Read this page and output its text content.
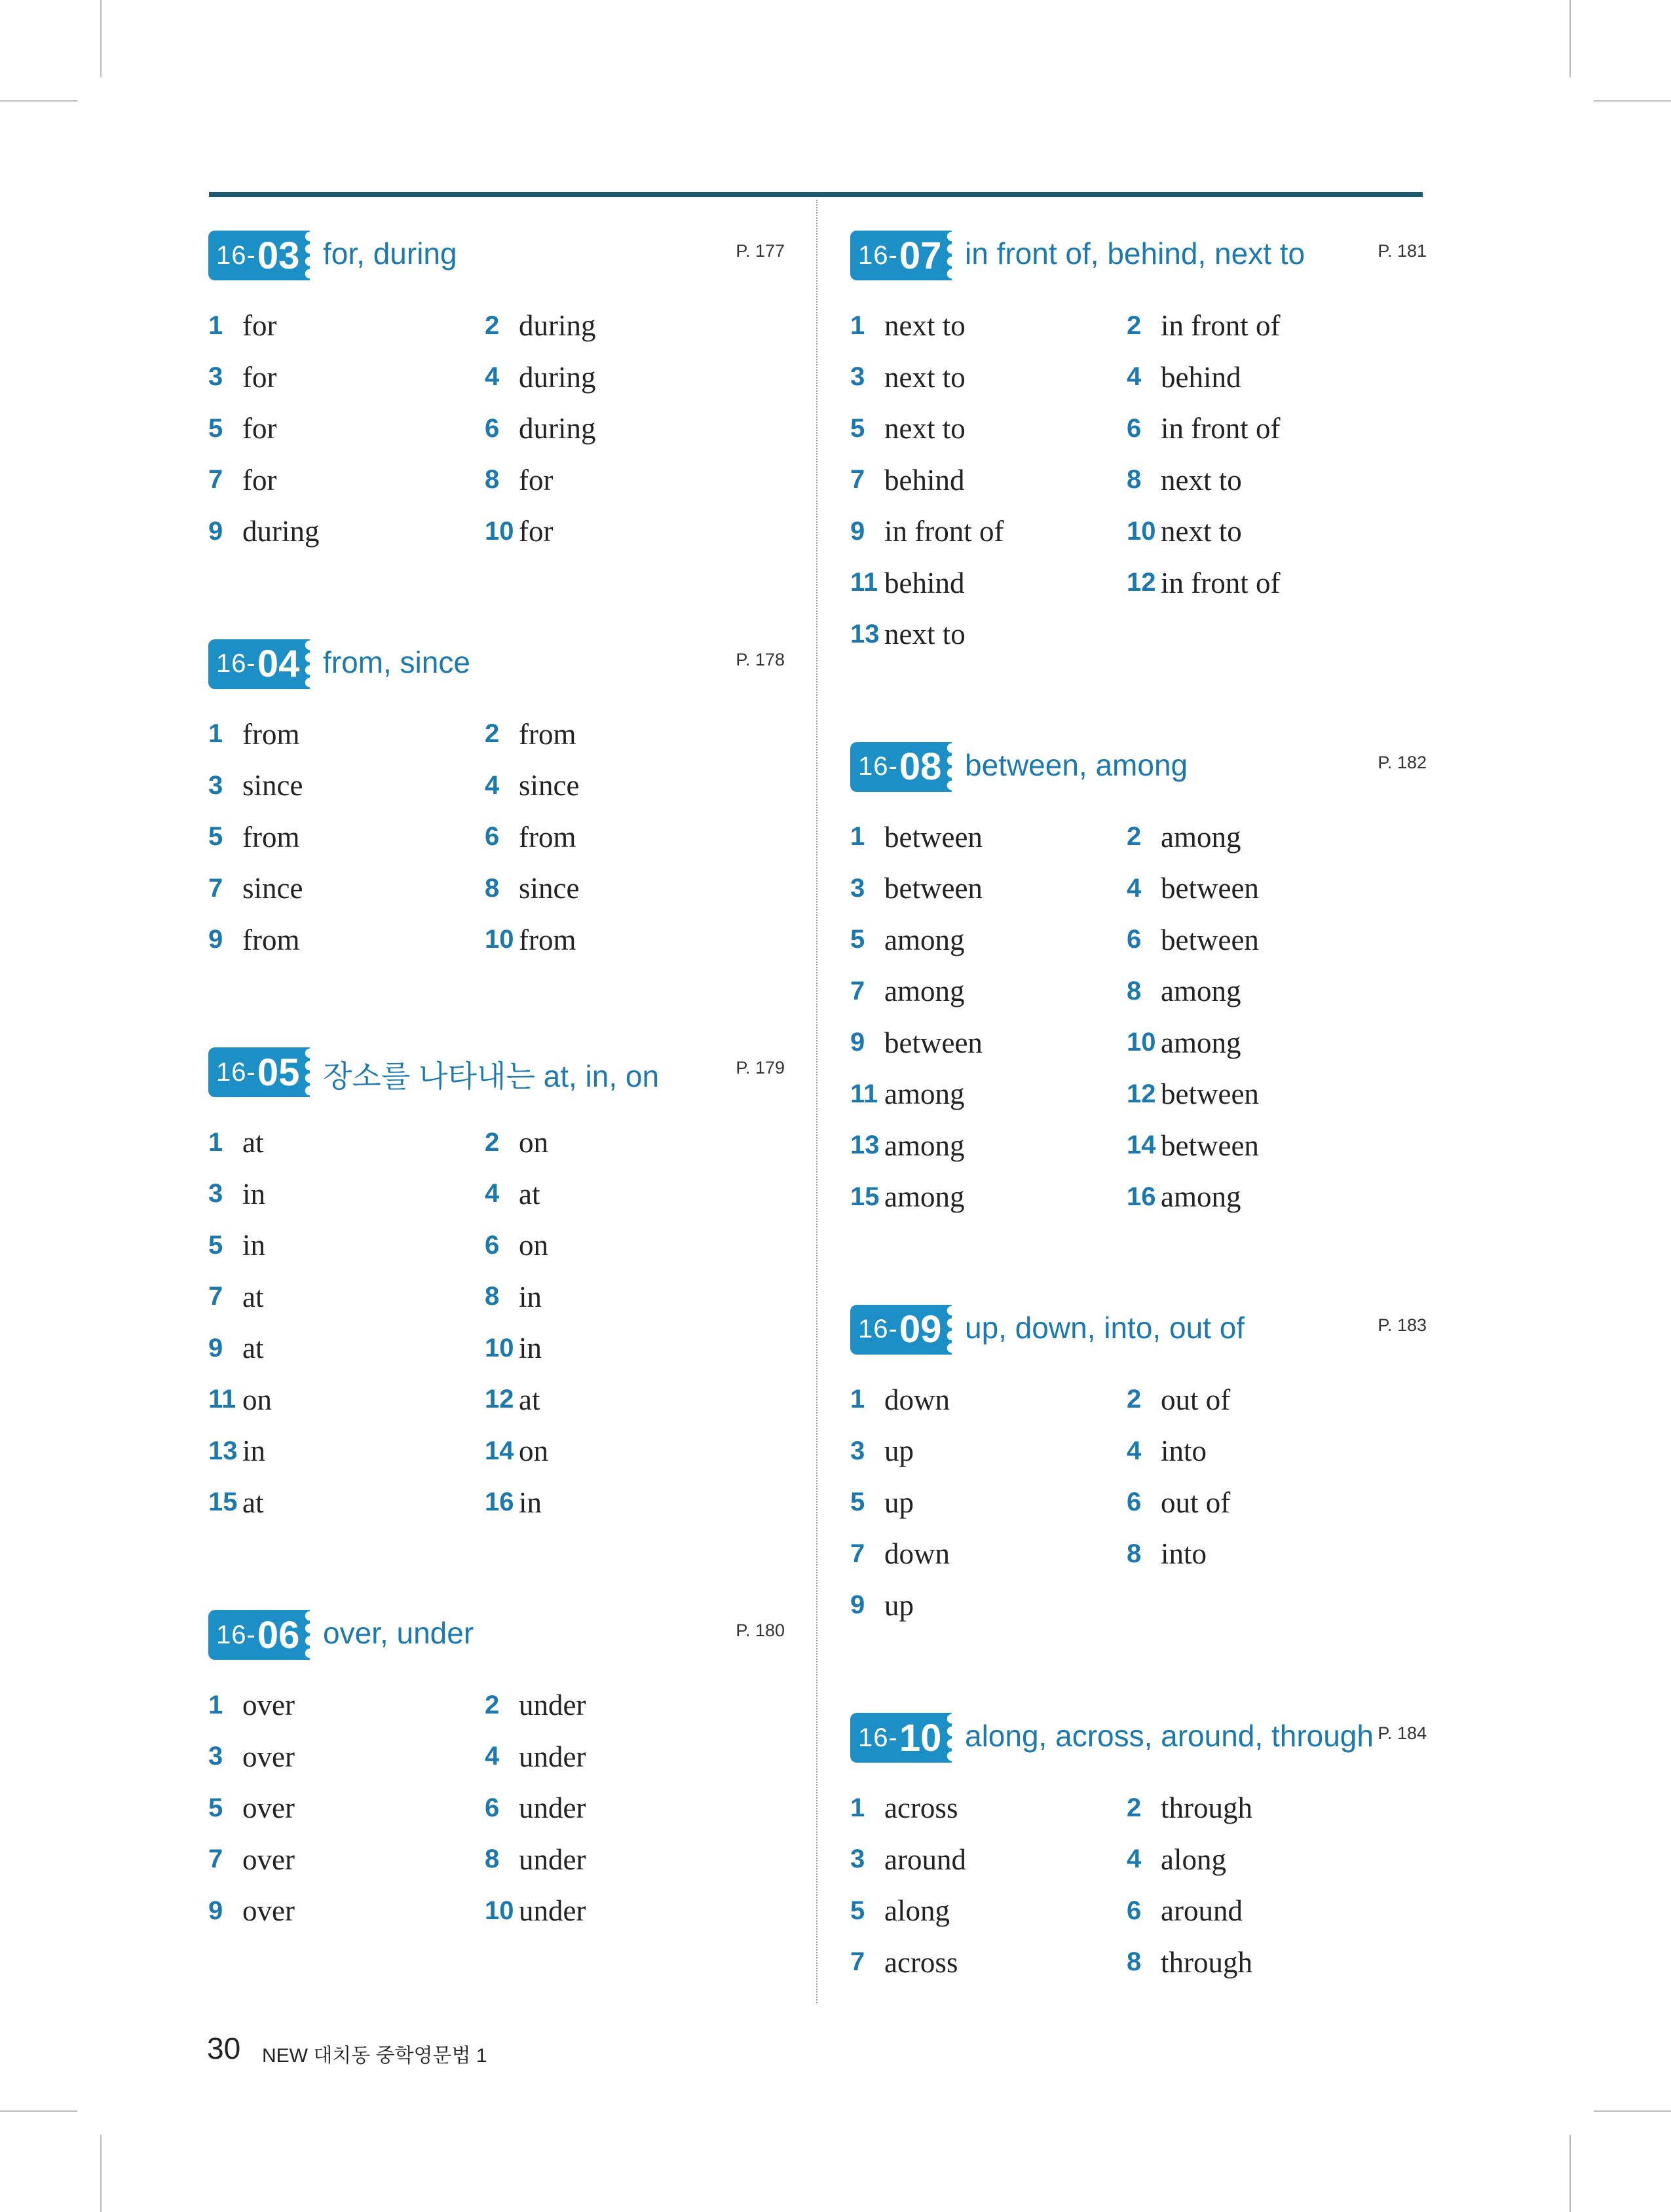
16- 03 for, during	P. 177
1 for	2 during
3 for	4 during
5 for	6 during
7 for	8 for
9 during	10 for
16- 04 from, since	P. 178
1 from	2 from
3 since	4 since
5 from	6 from
7 since	8 since
9 from	10 from
16- 05 장소를 나타내는 at, in, on	P. 179
1 at	2 on
3 in	4 at
5 in	6 on
7 at	8 in
9 at	10 in
11 on	12 at
13 in	14 on
15 at	16 in
16- 06 over, under	P. 180
1 over	2 under
3 over	4 under
5 over	6 under
7 over	8 under
9 over	10 under
16- 07 in front of, behind, next to	P. 181
1 next to	2 in front of
3 next to	4 behind
5 next to	6 in front of
7 behind	8 next to
9 in front of	10 next to
11 behind	12 in front of
13 next to
16- 08 between, among	P. 182
1 between	2 among
3 between	4 between
5 among	6 between
7 among	8 among
9 between	10 among
11 among	12 between
13 among	14 between
15 among	16 among
16- 09 up, down, into, out of	P. 183
1 down	2 out of
3 up	4 into
5 up	6 out of
7 down	8 into
9 up
16- 10 along, across, around, through P. 184
1 across	2 through
3 around	4 along
5 along	6 around
7 across	8 through
30 NEW 대치동 중학영문법 1
